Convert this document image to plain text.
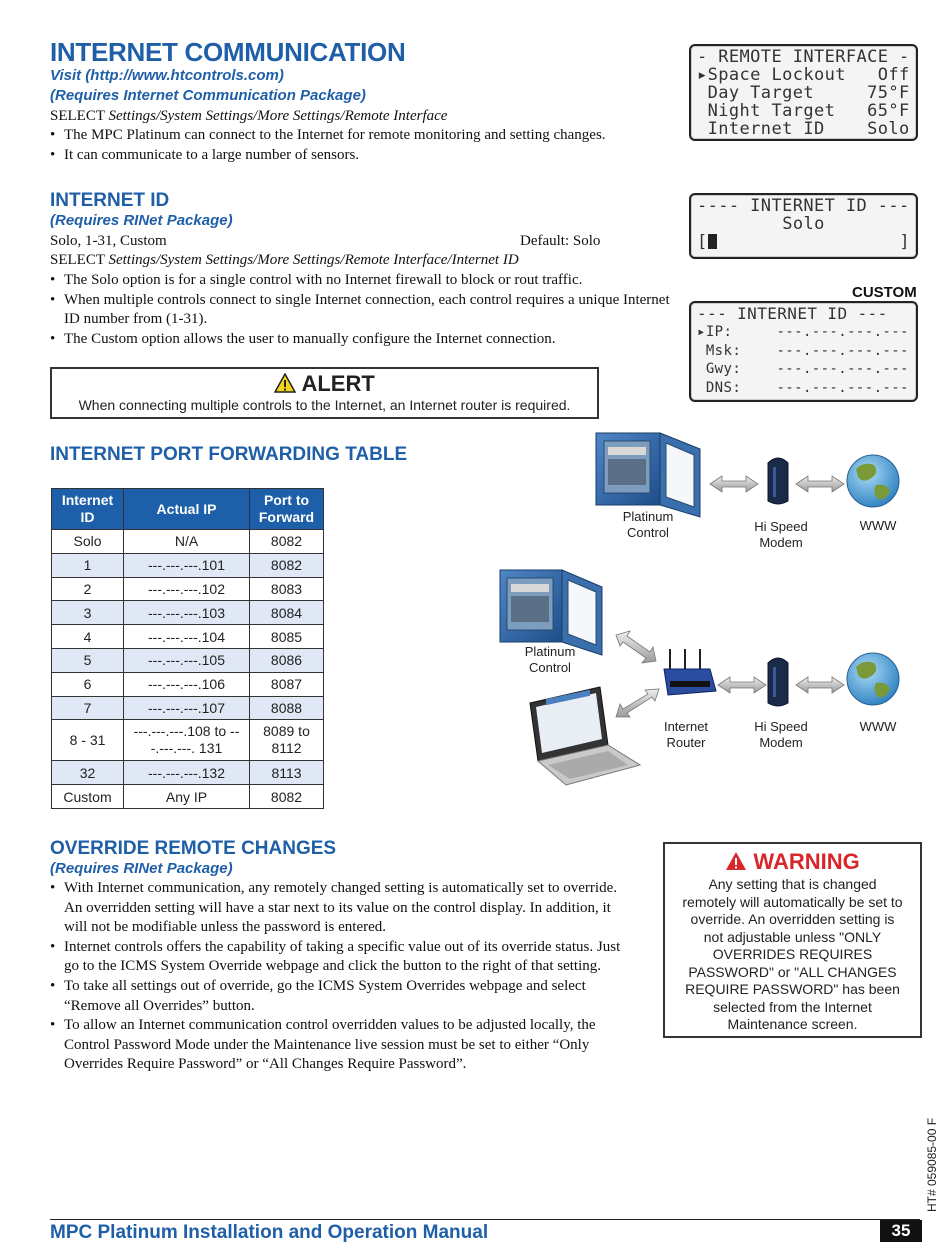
INTERNET COMMUNICATION
Visit (http://www.htcontrols.com)
(Requires Internet Communication Package)
SELECT Settings/System Settings/More Settings/Remote Interface
• The MPC Platinum can connect to the Internet for remote monitoring and setting changes.
• It can communicate to a large number of sensors.
- REMOTE INTERFACE -
▸Space Lockout   Off
Day Target     75°F
Night Target   65°F
Internet ID    Solo
INTERNET ID
(Requires RINet Package)
Solo, 1-31, Custom	Default: Solo
SELECT Settings/System Settings/More Settings/Remote Interface/Internet ID
• The Solo option is for a single control with no Internet firewall to block or rout traffic.
• When multiple controls connect to single Internet connection, each control requires a unique Internet ID number from (1-31).
• The Custom option allows the user to manually configure the Internet connection.
---- INTERNET ID ---
Solo
[	]
CUSTOM
--- INTERNET ID ---
▸IP:     ---.---.---.---
Msk:    ---.---.---.---
Gwy:    ---.---.---.---
DNS:    ---.---.---.---
ALERT
When connecting multiple controls to the Internet, an Internet router is required.
INTERNET PORT FORWARDING TABLE
Internet ID	Actual IP	Port to Forward
Solo	N/A	8082
1	---.---.---.101	8082
2	---.---.---.102	8083
3	---.---.---.103	8084
4	---.---.---.104	8085
5	---.---.---.105	8086
6	---.---.---.106	8087
7	---.---.---.107	8088
8 - 31	---.---.---.108 to ---.---.---. 131	8089 to 8112
32	---.---.---.132	8113
Custom	Any IP	8082
Platinum Control	Hi Speed Modem
WWW
Platinum Control
Internet Router
Hi Speed Modem
WWW
OVERRIDE REMOTE CHANGES
(Requires RINet Package)
• With Internet communication, any remotely changed setting is automatically set to override. An overridden setting will have a star next to its value on the control display. In addition, it will not be modifiable unless the password is entered.
• Internet controls offers the capability of taking a specific value out of its override status. Just go to the ICMS System Override webpage and click the button to the right of that setting.
• To take all settings out of override, go the ICMS System Overrides webpage and select “Remove all Overrides” button.
• To allow an Internet communication control overridden values to be adjusted locally, the Control Password Mode under the Maintenance live session must be set to either “Only Overrides Require Password” or “All Changes Require Password”.
WARNING
Any setting that is changed remotely will automatically be set to override. An overridden setting is not adjustable unless "ONLY OVERRIDES REQUIRES PASSWORD" or "ALL CHANGES REQUIRE PASSWORD" has been selected from the Internet Maintenance screen.
HT# 059085-00 F
MPC Platinum Installation and Operation Manual	35
